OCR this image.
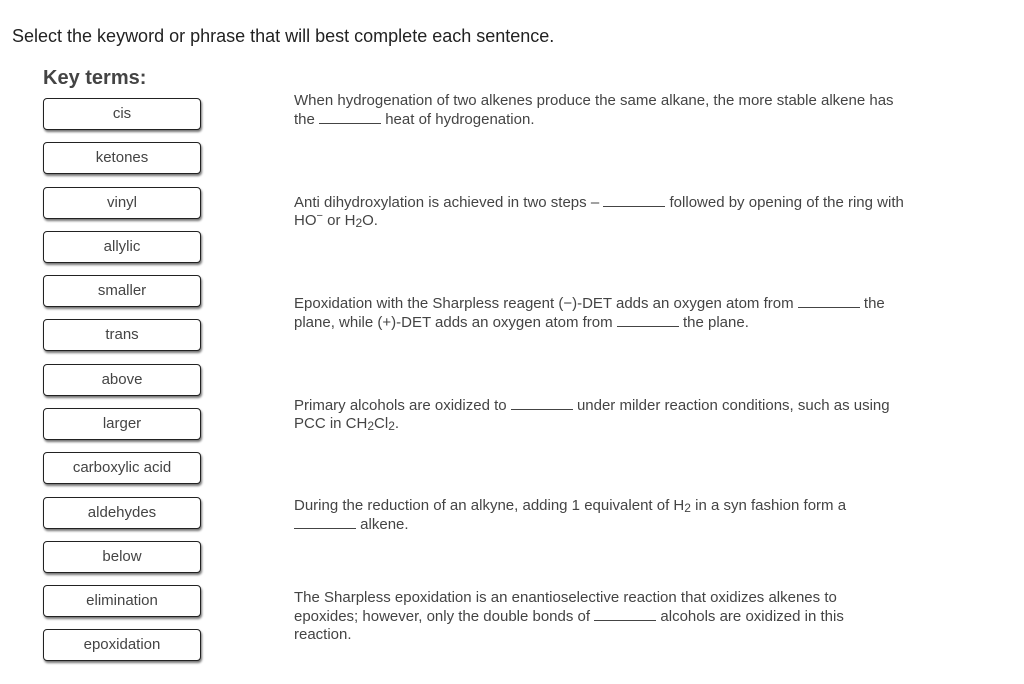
Select the keyword or phrase that will best complete each sentence.
Key terms:
cis
ketones
vinyl
allylic
smaller
trans
above
larger
carboxylic acid
aldehydes
below
elimination
epoxidation
When hydrogenation of two alkenes produce the same alkane, the more stable alkene has the	heat of hydrogenation.
Anti dihydroxylation is achieved in two steps –	followed by opening of the ring with HO− or $H_2O$.
Epoxidation with the Sharpless reagent (−)-DET adds an oxygen atom from	the plane, while (+)-DET adds an oxygen atom from	the plane.
Primary alcohols are oxidized to	under milder reaction conditions, such as using PCC in $CH_2Cl_2$.
During the reduction of an alkyne, adding 1 equivalent of $H_2$ in a syn fashion form a  alkene.
The Sharpless epoxidation is an enantioselective reaction that oxidizes alkenes to epoxides; however, only the double bonds of	alcohols are oxidized in this reaction.
